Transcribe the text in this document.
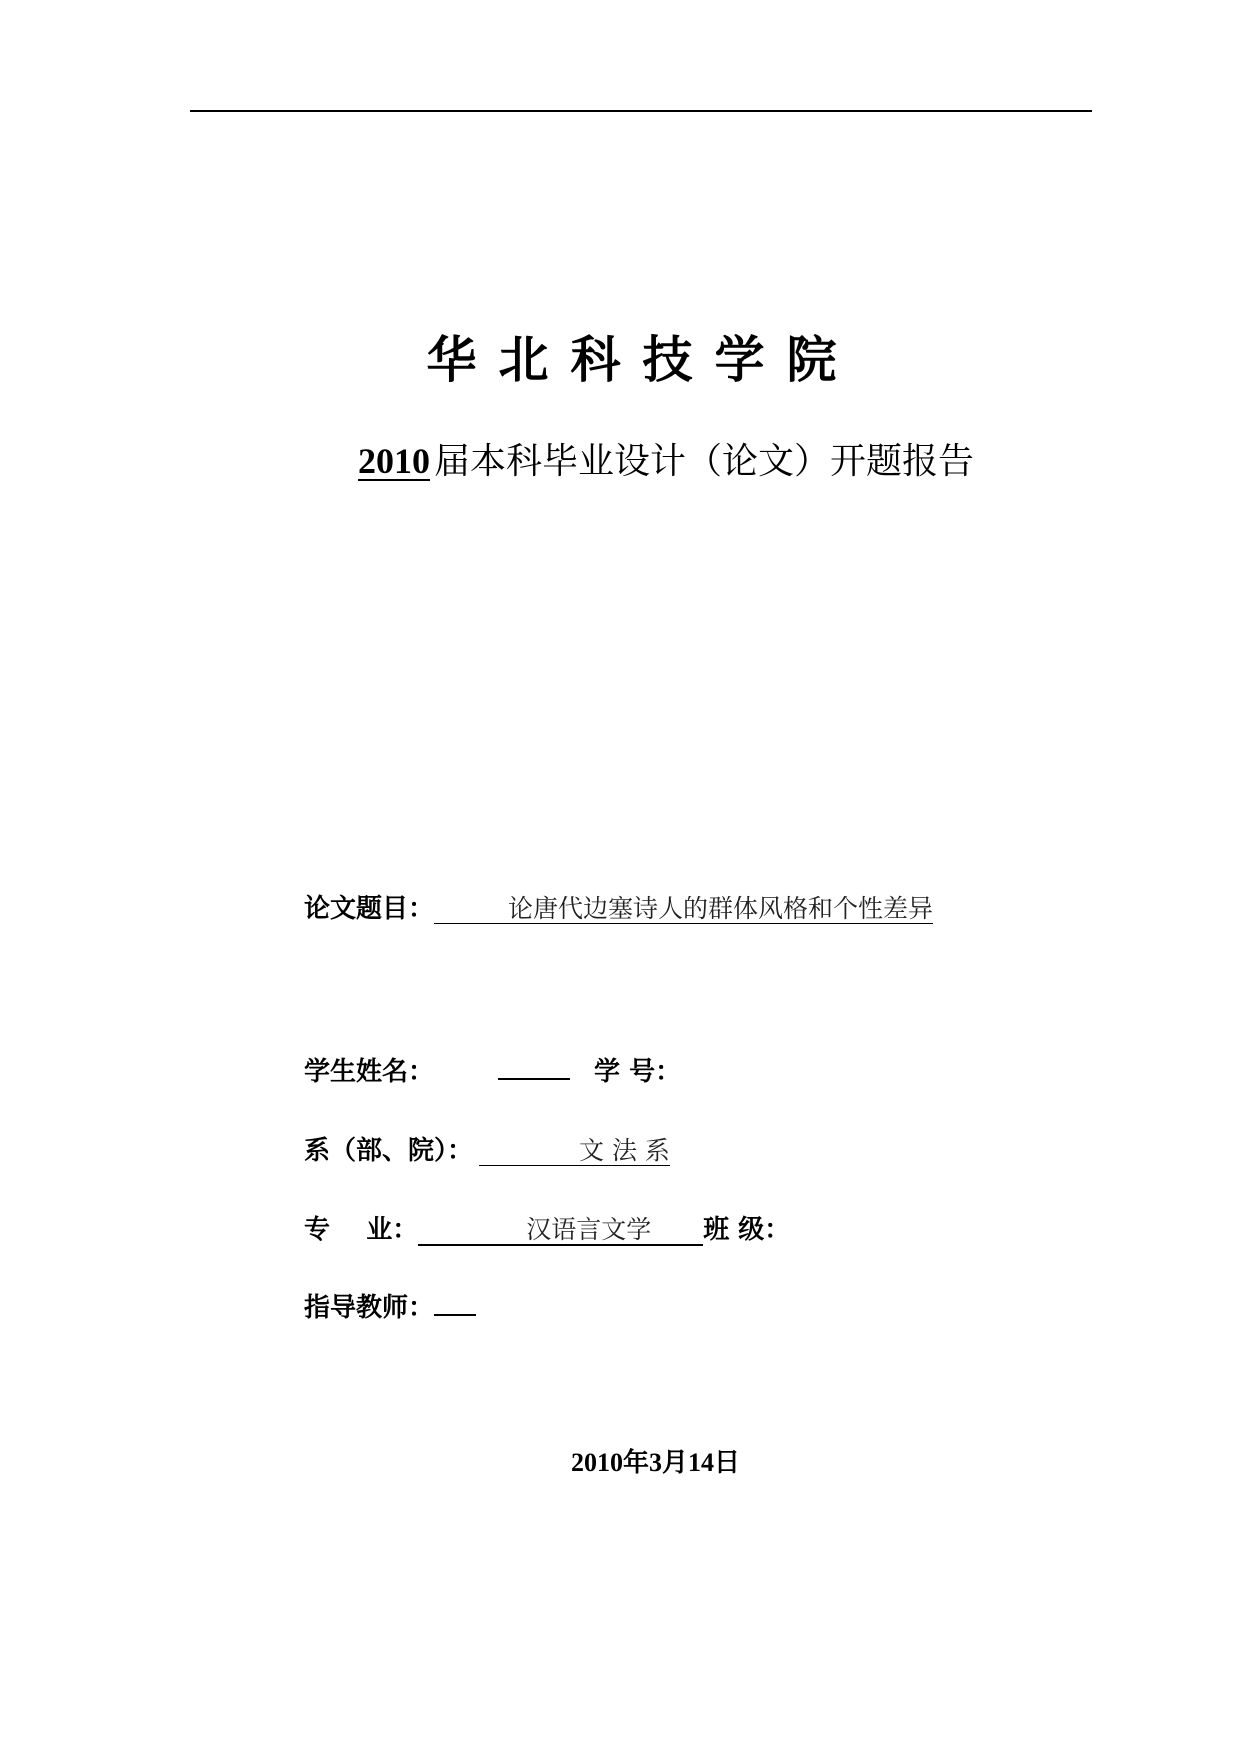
华北科技学院
2010 届本科毕业设计（论文）开题报告
论文题目：	论唐代边塞诗人的群体风格和个性差异
学生姓名：	学 号：
系（部、院）：	文 法 系
专    业：	汉语言文学 班 级：
指导教师：
2010年3月14日
